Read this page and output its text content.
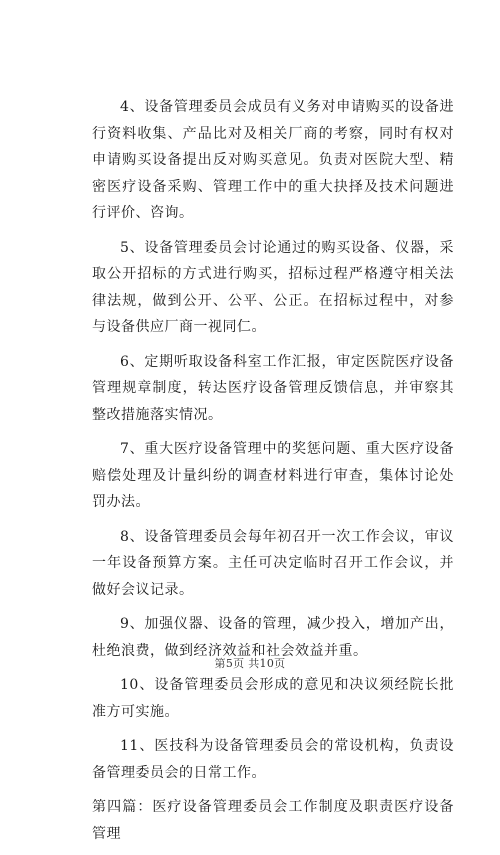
4、设备管理委员会成员有义务对申请购买的设备进行资料收集、产品比对及相关厂商的考察，同时有权对申请购买设备提出反对购买意见。负责对医院大型、精密医疗设备采购、管理工作中的重大抉择及技术问题进行评价、咨询。

5、设备管理委员会讨论通过的购买设备、仪器，采取公开招标的方式进行购买，招标过程严格遵守相关法律法规，做到公开、公平、公正。在招标过程中，对参与设备供应厂商一视同仁。

6、定期听取设备科室工作汇报，审定医院医疗设备管理规章制度，转达医疗设备管理反馈信息，并审察其整改措施落实情况。

7、重大医疗设备管理中的奖惩问题、重大医疗设备赔偿处理及计量纠纷的调查材料进行审查，集体讨论处罚办法。

8、设备管理委员会每年初召开一次工作会议，审议一年设备预算方案。主任可决定临时召开工作会议，并做好会议记录。

9、加强仪器、设备的管理，减少投入，增加产出，杜绝浪费，做到经济效益和社会效益并重。

10、设备管理委员会形成的意见和决议须经院长批准方可实施。

11、医技科为设备管理委员会的常设机构，负责设备管理委员会的日常工作。

第四篇：医疗设备管理委员会工作制度及职责医疗设备管理

第5页 共10页
